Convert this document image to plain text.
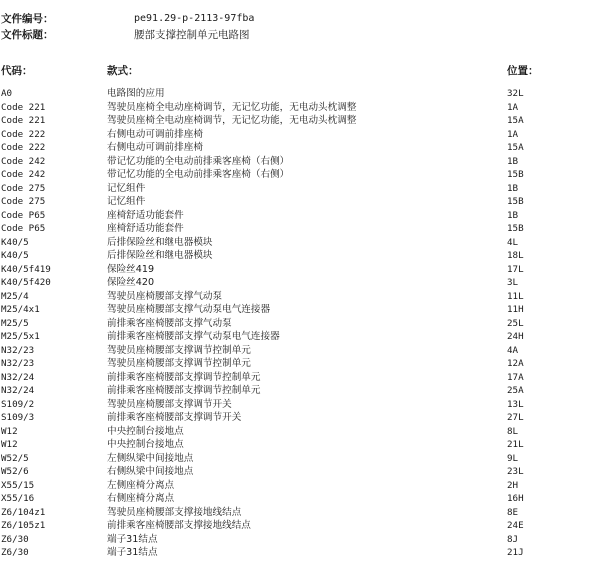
文件编号：	pe91.29-p-2113-97fba
文件标题：	腰部支撑控制单元电路图
代码：	款式：	位置：
A0	电路图的应用	32L
Code 221	驾驶员座椅全电动座椅调节，无记忆功能，无电动头枕调整	1A
Code 221	驾驶员座椅全电动座椅调节，无记忆功能，无电动头枕调整	15A
Code 222	右侧电动可调前排座椅	1A
Code 222	右侧电动可调前排座椅	15A
Code 242	带记忆功能的全电动前排乘客座椅（右侧）	1B
Code 242	带记忆功能的全电动前排乘客座椅（右侧）	15B
Code 275	记忆组件	1B
Code 275	记忆组件	15B
Code P65	座椅舒适功能套件	1B
Code P65	座椅舒适功能套件	15B
K40/5	后排保险丝和继电器模块	4L
K40/5	后排保险丝和继电器模块	18L
K40/5f419	保险丝419	17L
K40/5f420	保险丝420	3L
M25/4	驾驶员座椅腰部支撑气动泵	11L
M25/4x1	驾驶员座椅腰部支撑气动泵电气连接器	11H
M25/5	前排乘客座椅腰部支撑气动泵	25L
M25/5x1	前排乘客座椅腰部支撑气动泵电气连接器	24H
N32/23	驾驶员座椅腰部支撑调节控制单元	4A
N32/23	驾驶员座椅腰部支撑调节控制单元	12A
N32/24	前排乘客座椅腰部支撑调节控制单元	17A
N32/24	前排乘客座椅腰部支撑调节控制单元	25A
S109/2	驾驶员座椅腰部支撑调节开关	13L
S109/3	前排乘客座椅腰部支撑调节开关	27L
W12	中央控制台接地点	8L
W12	中央控制台接地点	21L
W52/5	左侧纵梁中间接地点	9L
W52/6	右侧纵梁中间接地点	23L
X55/15	左侧座椅分离点	2H
X55/16	右侧座椅分离点	16H
Z6/104z1	驾驶员座椅腰部支撑接地线结点	8E
Z6/105z1	前排乘客座椅腰部支撑接地线结点	24E
Z6/30	端子31结点	8J
Z6/30	端子31结点	21J
